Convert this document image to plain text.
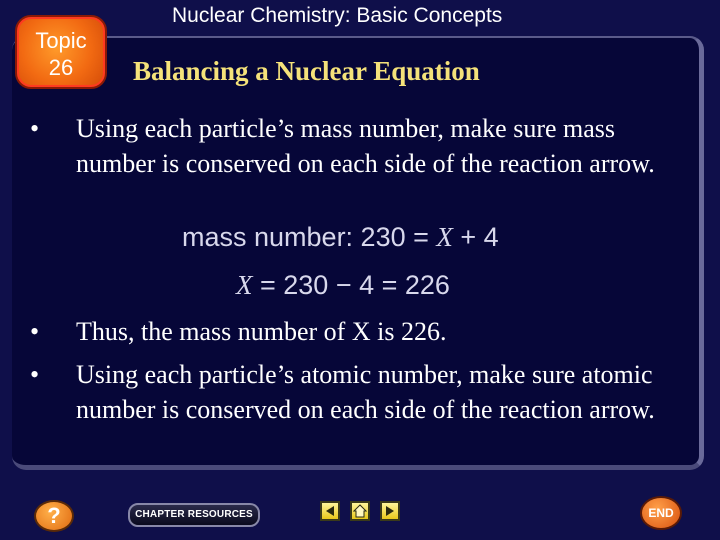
Topic
26
Nuclear Chemistry: Basic Concepts
Balancing a Nuclear Equation
•	Using each particle’s mass number, make sure mass number is conserved on each side of the reaction arrow.
mass number: 230 = X + 4
X = 230 − 4 = 226
•	Thus, the mass number of X is 226.
•	Using each particle’s atomic number, make sure atomic number is conserved on each side of the reaction arrow.
?	CHAPTER RESOURCES	END
